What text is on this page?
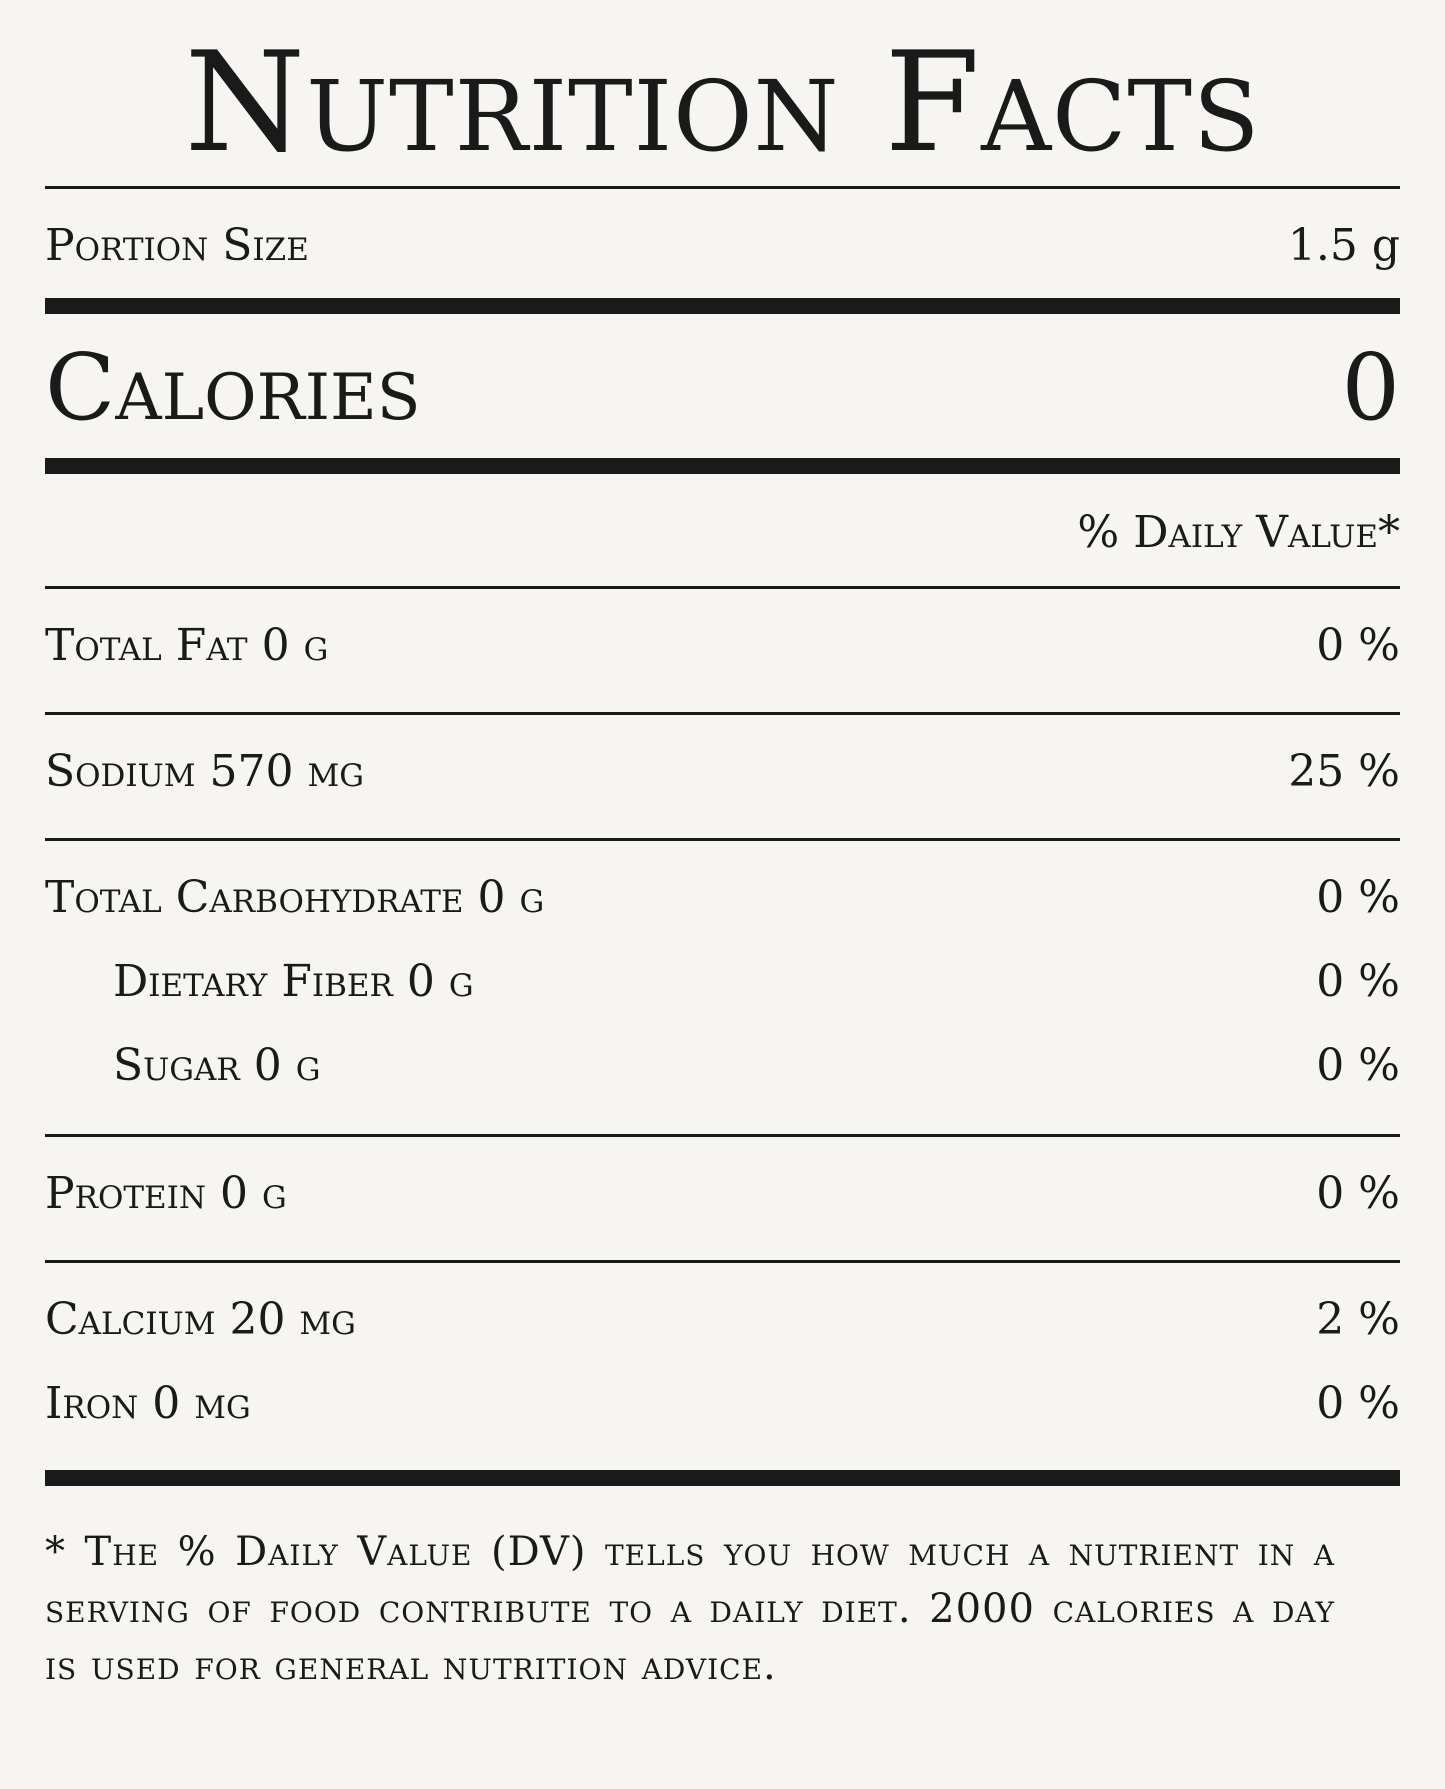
Nutrition Facts
Portion Size	1.5 g
Calories	0
% Daily Value*
Total Fat 0 g	0 %
Sodium 570 mg	25 %
Total Carbohydrate 0 g	0 %
Dietary Fiber 0 g	0 %
Sugar 0 g	0 %
Protein 0 g	0 %
Calcium 20 mg	2 %
Iron 0 mg	0 %
* The % Daily Value (DV) tells you how much a nutrient in a serving of food contribute to a daily diet. 2000 calories a day is used for general nutrition advice.
